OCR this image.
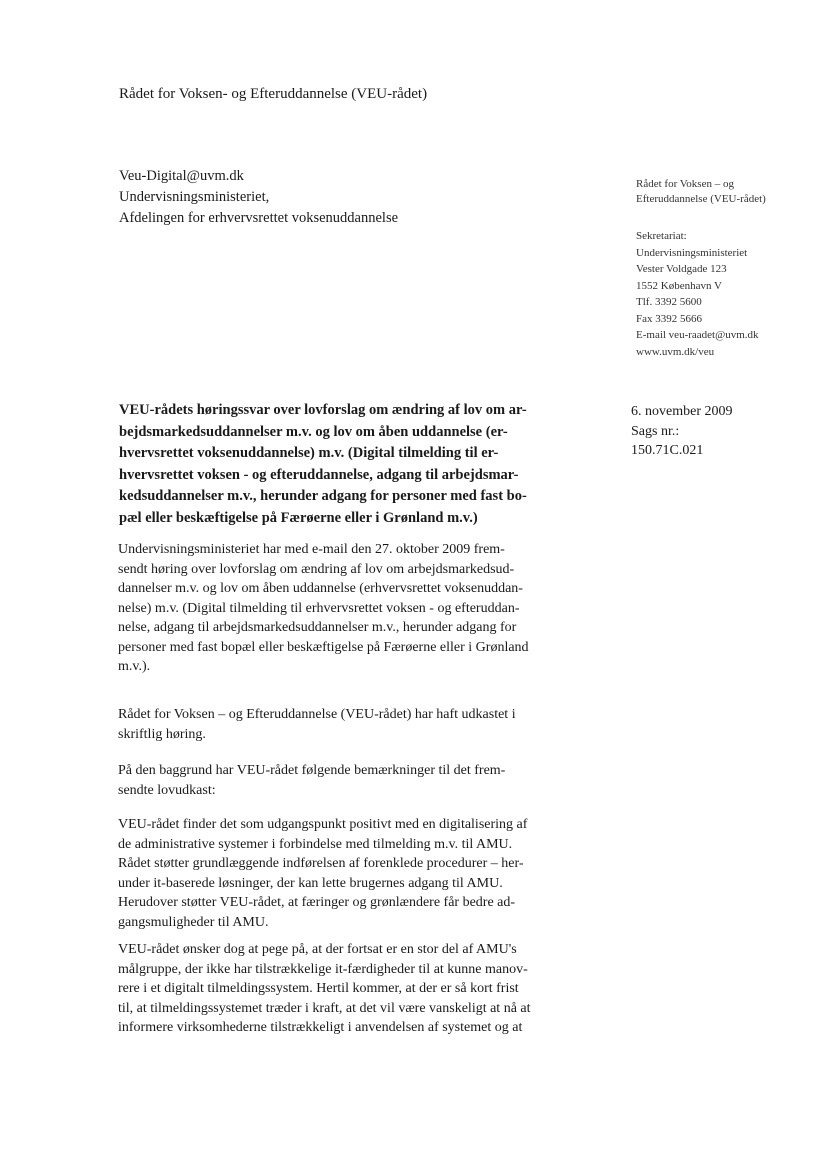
Rådet for Voksen- og Efteruddannelse (VEU-rådet)
Veu-Digital@uvm.dk
Undervisningsministeriet,
Afdelingen for erhvervsrettet voksenuddannelse
Rådet for Voksen – og
Efteruddannelse (VEU-rådet)
Sekretariat:
Undervisningsministeriet
Vester Voldgade 123
1552 København V
Tlf. 3392 5600
Fax 3392 5666
E-mail veu-raadet@uvm.dk
www.uvm.dk/veu
6. november 2009
Sags nr.:
150.71C.021
VEU-rådets høringssvar over lovforslag om ændring af lov om ar-
bejdsmarkedsuddannelser m.v. og lov om åben uddannelse (er-
hvervsrettet voksenuddannelse) m.v. (Digital tilmelding til er-
hvervsrettet voksen - og efteruddannelse, adgang til arbejdsmar-
kedsuddannelser m.v., herunder adgang for personer med fast bo-
pæl eller beskæftigelse på Færøerne eller i Grønland m.v.)
Undervisningsministeriet har med e-mail den 27. oktober 2009 frem-
sendt høring over lovforslag om ændring af lov om arbejdsmarkedsud-
dannelser m.v. og lov om åben uddannelse (erhvervsrettet voksenuddan-
nelse) m.v. (Digital tilmelding til erhvervsrettet voksen - og efteruddan-
nelse, adgang til arbejdsmarkedsuddannelser m.v., herunder adgang for
personer med fast bopæl eller beskæftigelse på Færøerne eller i Grønland
m.v.).
Rådet for Voksen – og Efteruddannelse (VEU-rådet) har haft udkastet i
skriftlig høring.
På den baggrund har VEU-rådet følgende bemærkninger til det frem-
sendte lovudkast:
VEU-rådet finder det som udgangspunkt positivt med en digitalisering af
de administrative systemer i forbindelse med tilmelding m.v. til AMU.
Rådet støtter grundlæggende indførelsen af forenklede procedurer – her-
under it-baserede løsninger, der kan lette brugernes adgang til AMU.
Herudover støtter VEU-rådet, at færinger og grønlændere får bedre ad-
gangsmuligheder til AMU.
VEU-rådet ønsker dog at pege på, at der fortsat er en stor del af AMU's
målgruppe, der ikke har tilstrækkelige it-færdigheder til at kunne manov-
rere i et digitalt tilmeldingssystem. Hertil kommer, at der er så kort frist
til, at tilmeldingssystemet træder i kraft, at det vil være vanskeligt at nå at
informere virksomhederne tilstrækkeligt i anvendelsen af systemet og at
